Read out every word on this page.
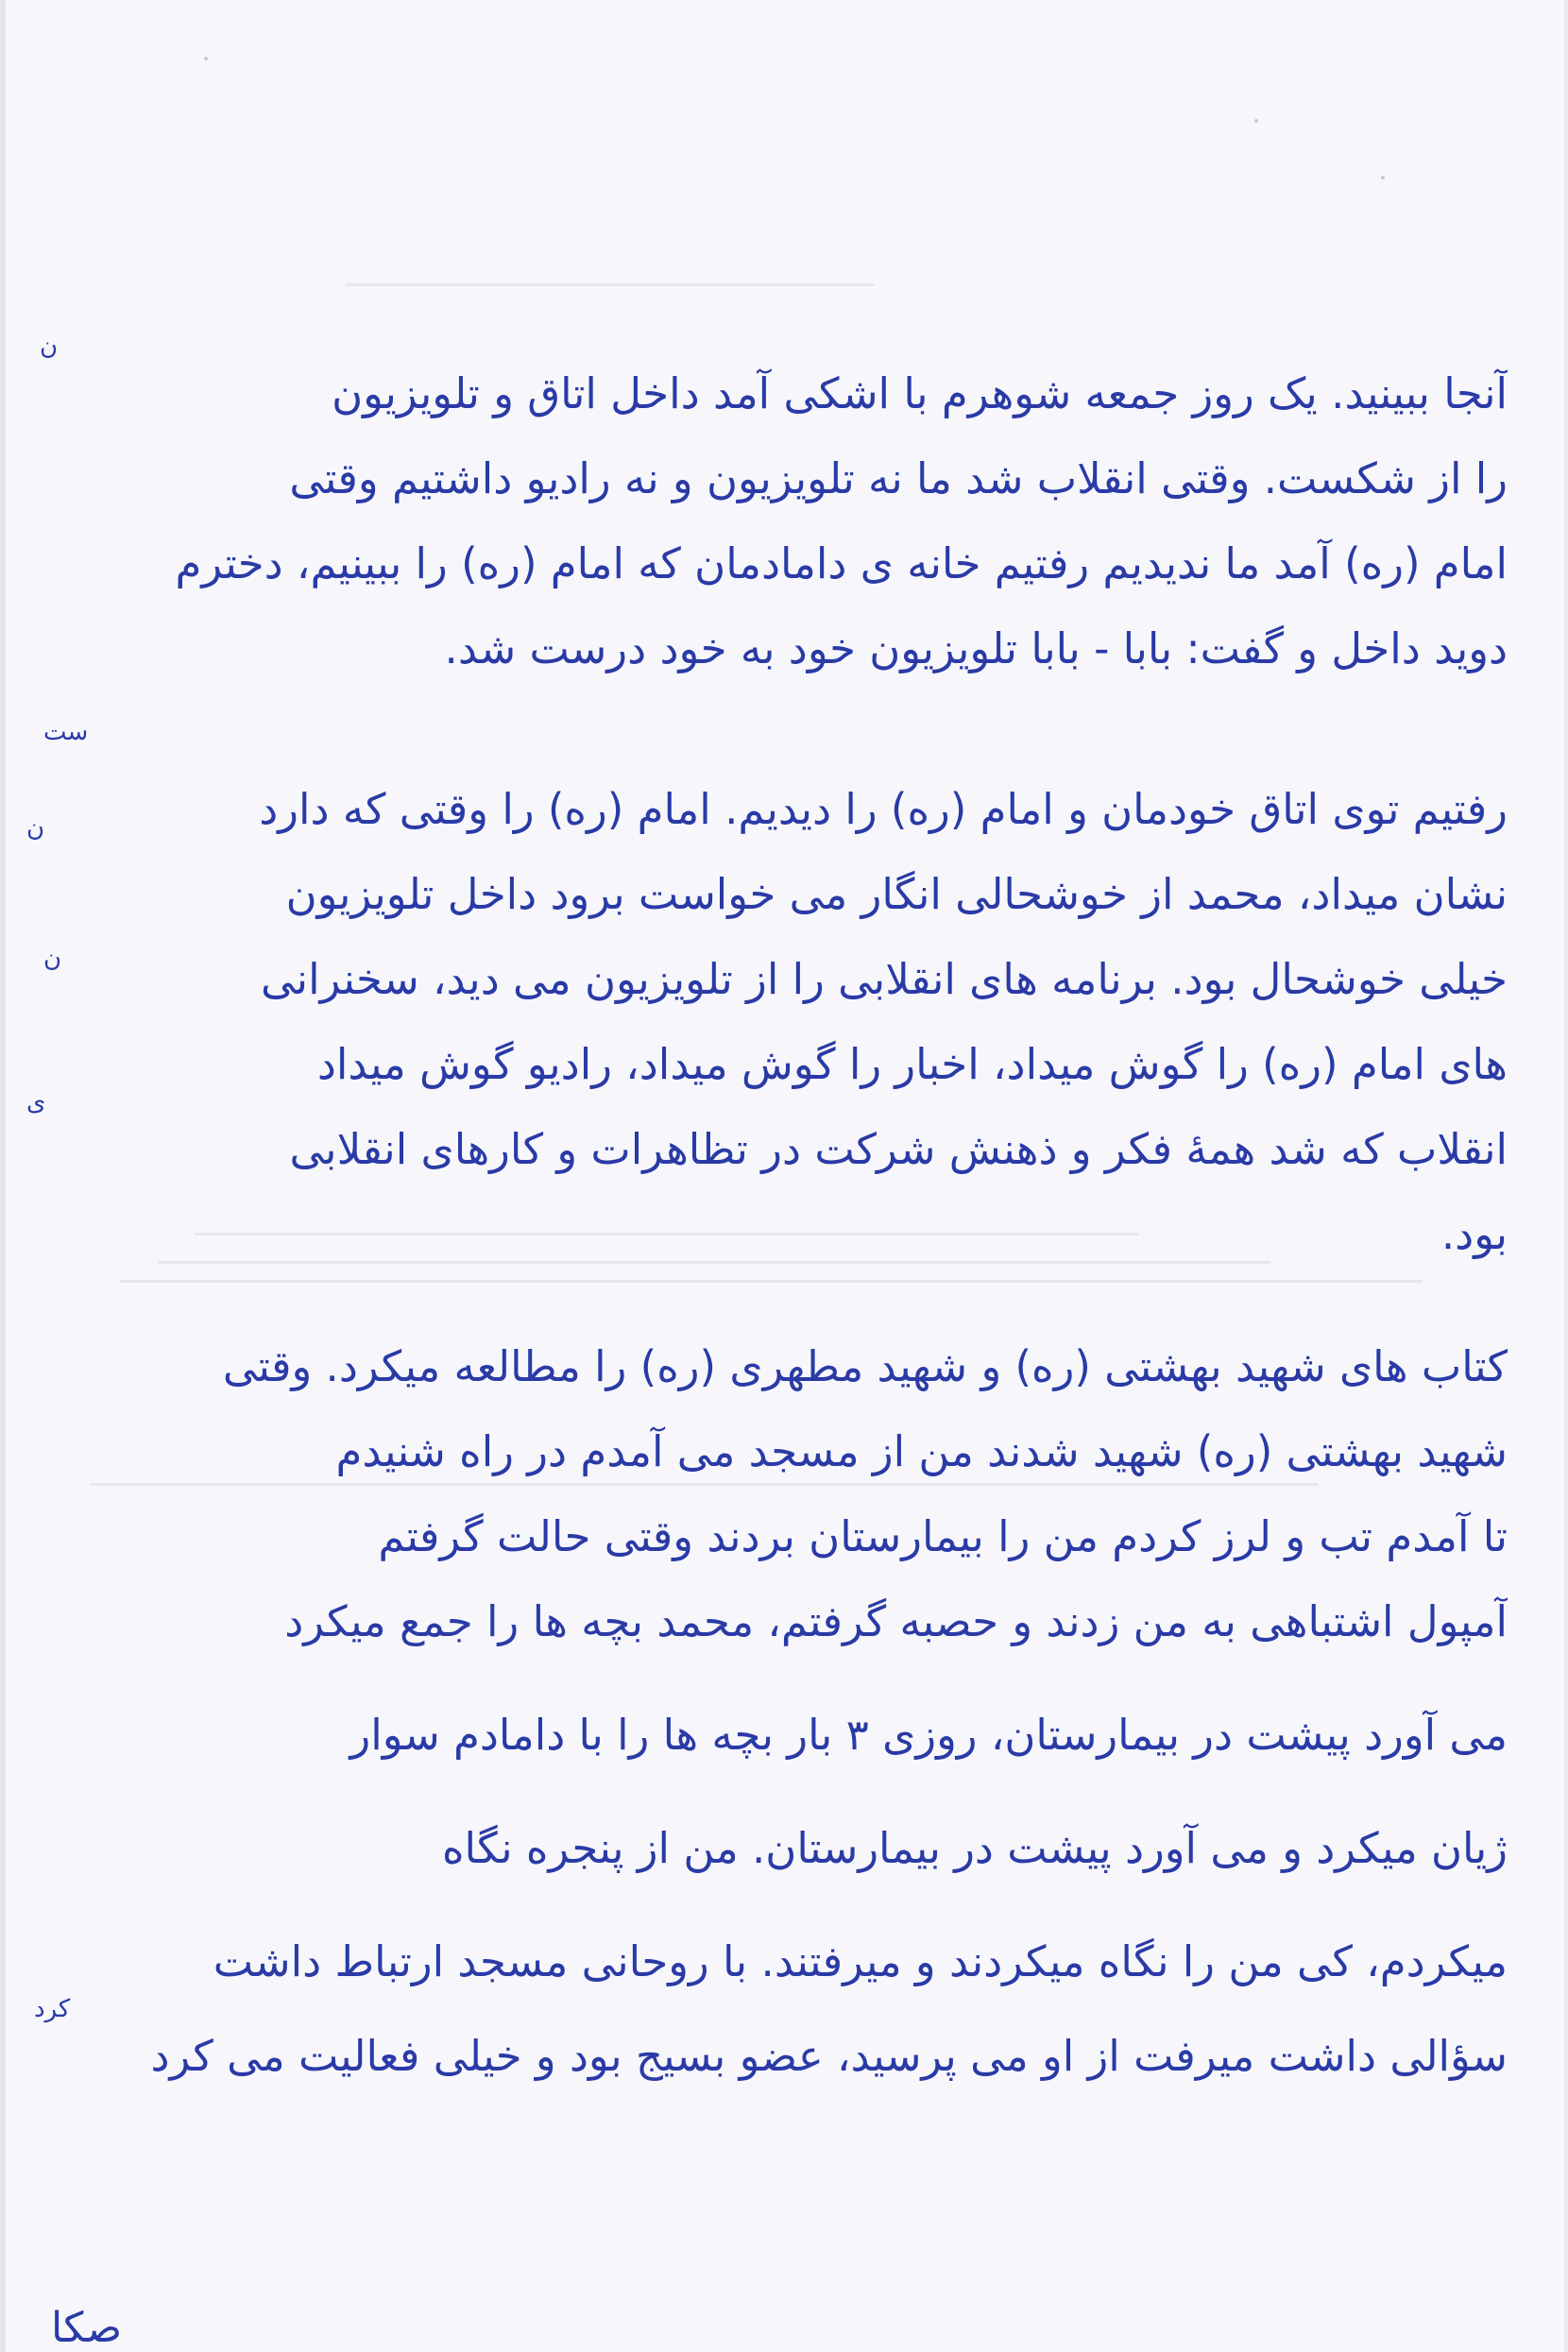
آنجا ببینید. یک روز جمعه شوهرم با اشکی آمد داخل اتاق و تلویزیون
را از شکست. وقتی انقلاب شد ما نه تلویزیون و نه رادیو داشتیم وقتی
امام (ره) آمد ما ندیدیم رفتیم خانه ی دامادمان که امام (ره) را ببینیم، دخترم
دوید داخل و گفت: بابا - بابا تلویزیون خود به خود درست شد.
رفتیم توی اتاق خودمان و امام (ره) را دیدیم. امام (ره) را وقتی که دارد
نشان میداد، محمد از خوشحالی انگار می خواست برود داخل تلویزیون
خیلی خوشحال بود. برنامه های انقلابی را از تلویزیون می دید، سخنرانی
های امام (ره) را گوش میداد، اخبار را گوش میداد، رادیو گوش میداد
انقلاب که شد همهٔ فکر و ذهنش شرکت در تظاهرات و کارهای انقلابی
بود.
کتاب های شهید بهشتی (ره) و شهید مطهری (ره) را مطالعه میکرد. وقتی
شهید بهشتی (ره) شهید شدند من از مسجد می آمدم در راه شنیدم
تا آمدم تب و لرز کردم من را بیمارستان بردند وقتی حالت گرفتم
آمپول اشتباهی به من زدند و حصبه گرفتم، محمد بچه ها را جمع میکرد
می آورد پیشت در بیمارستان، روزی ۳ بار بچه ها را با دامادم سوار
ژیان میکرد و می آورد پیشت در بیمارستان. من از پنجره نگاه
میکردم، کی من را نگاه میکردند و میرفتند. با روحانی مسجد ارتباط داشت
سؤالی داشت میرفت از او می پرسید، عضو بسیج بود و خیلی فعالیت می کرد
ن
ست
ن
ن
ی
کرد
صکا
